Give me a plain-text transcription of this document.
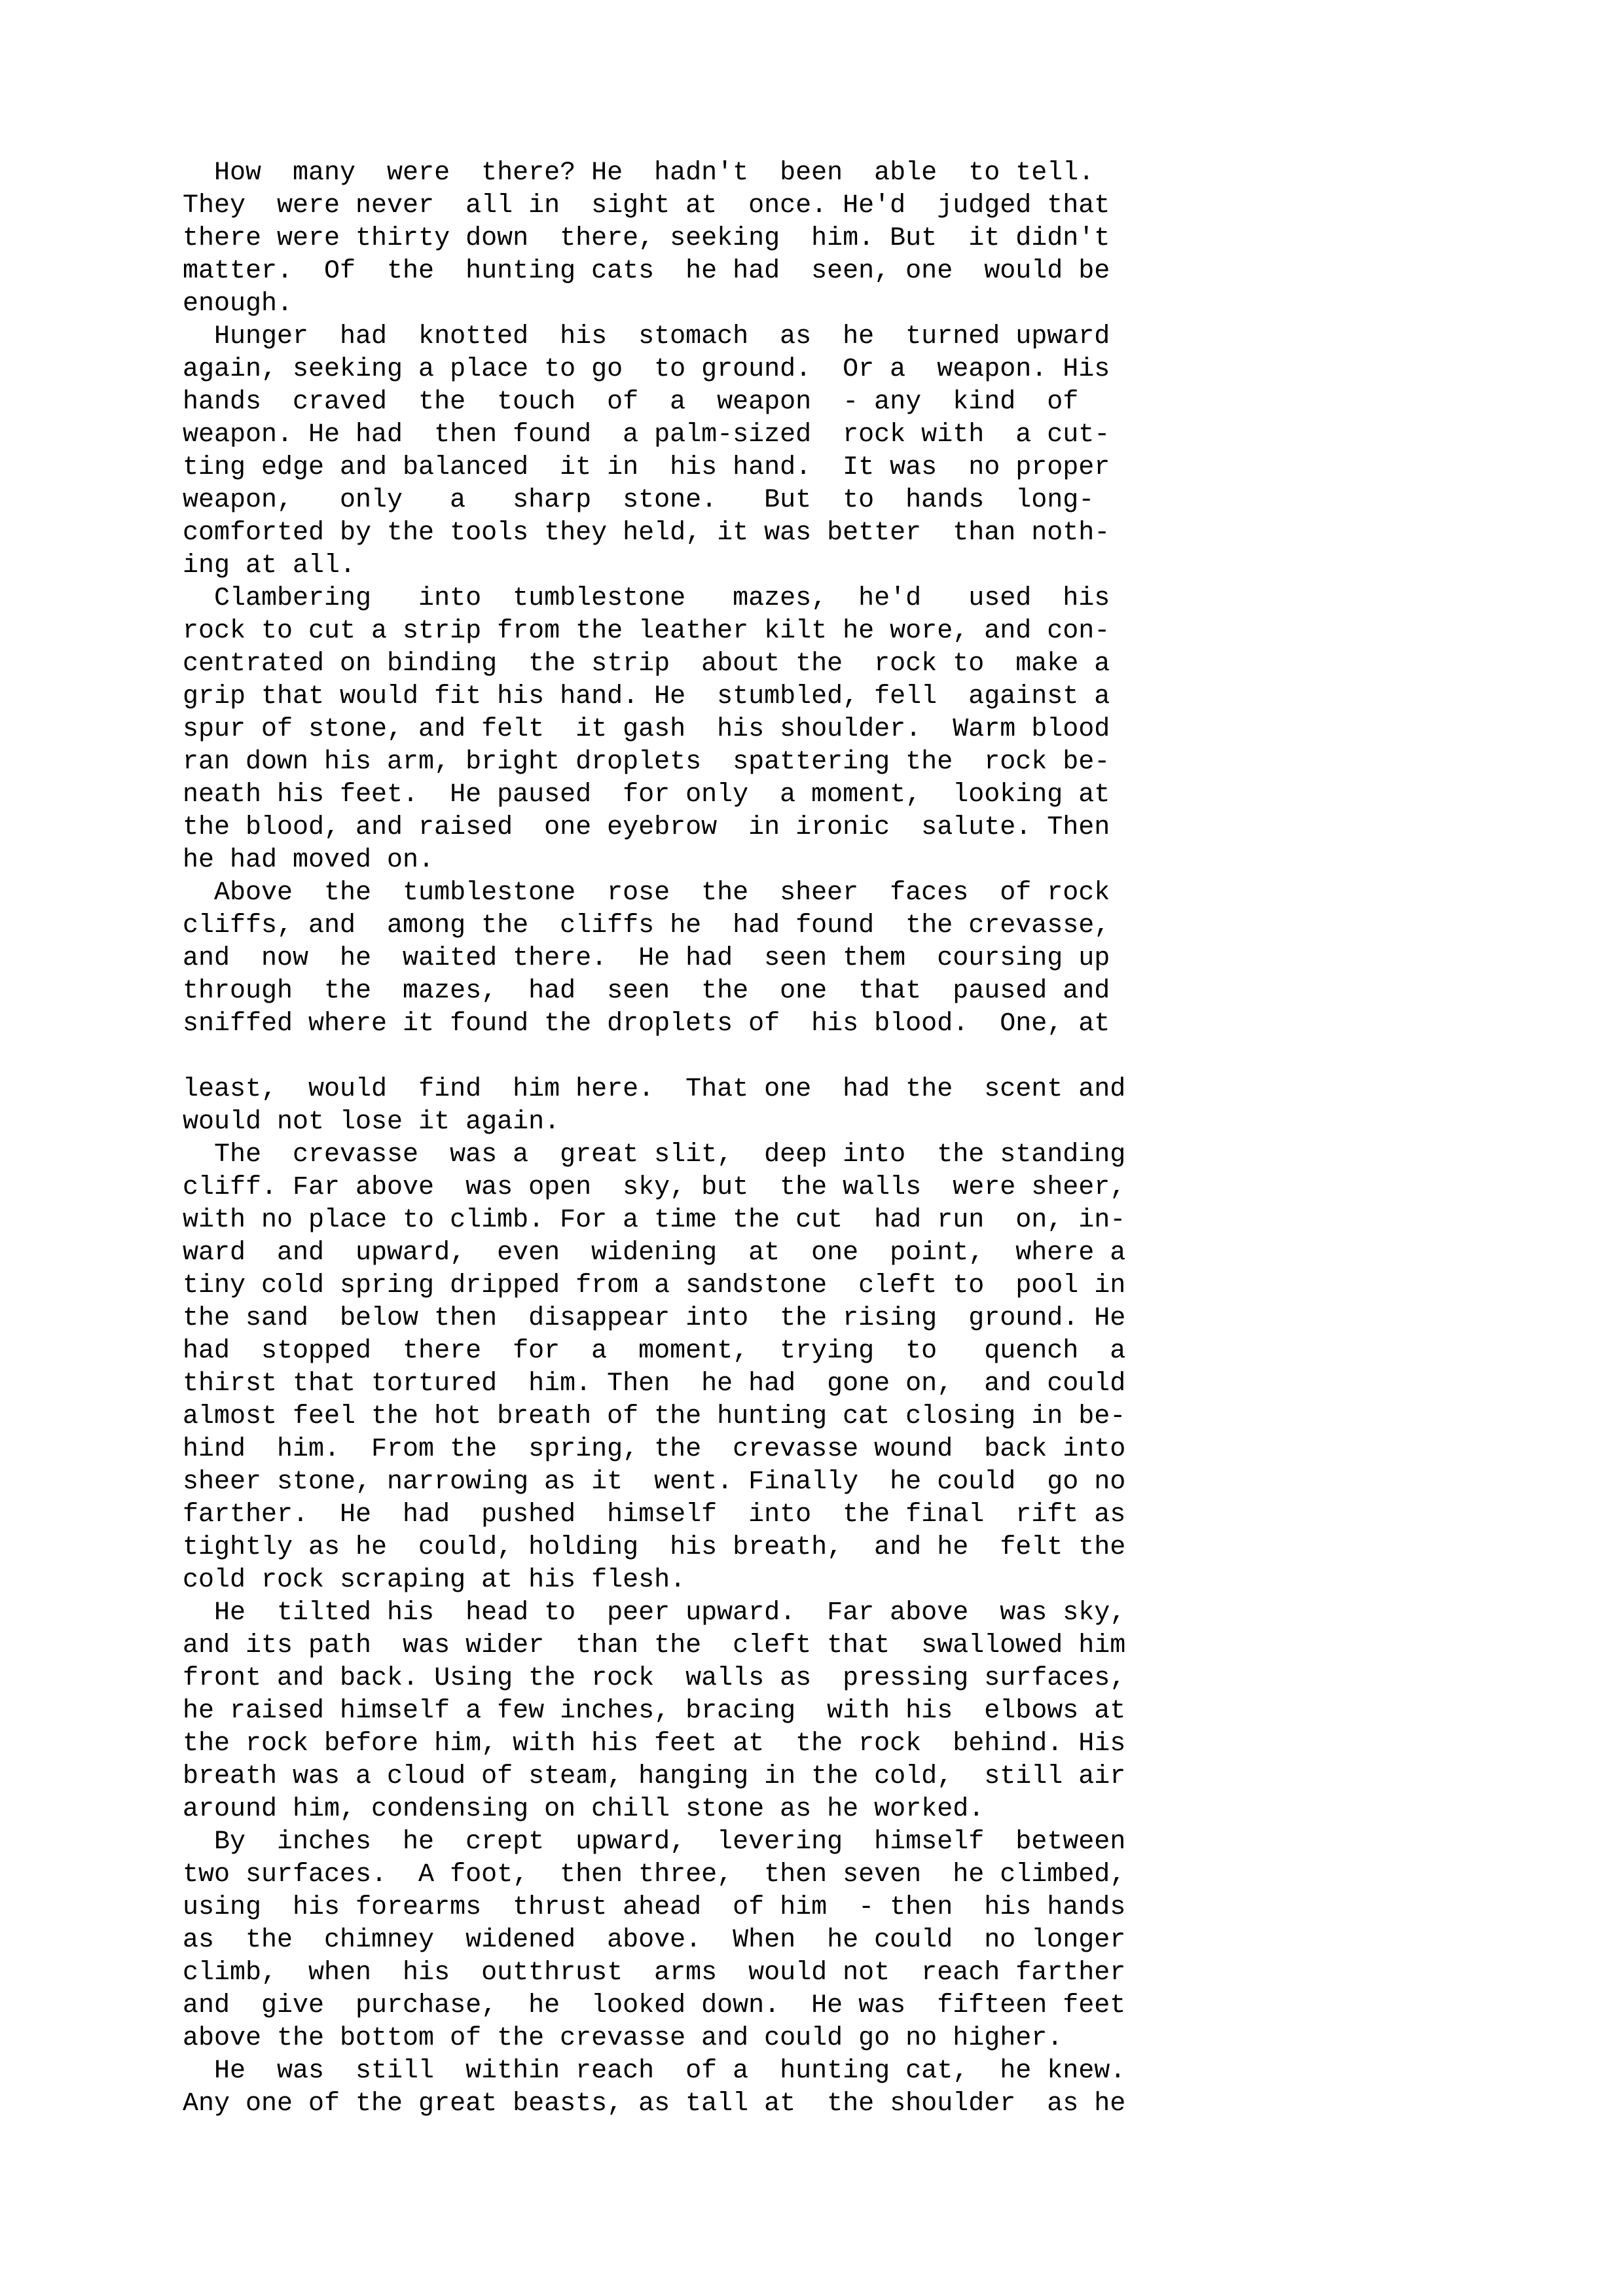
How  many  were  there? He  hadn't  been  able  to tell.
They  were never  all in  sight at  once. He'd  judged that
there were thirty down  there, seeking  him. But  it didn't
matter.  Of  the  hunting cats  he had  seen, one  would be
enough.
Hunger  had  knotted  his  stomach  as  he  turned upward
again, seeking a place to go  to ground.  Or a  weapon. His
hands  craved  the  touch  of  a  weapon  - any  kind  of
weapon. He had  then found  a palm-sized  rock with  a cut-
ting edge and balanced  it in  his hand.  It was  no proper
weapon,   only   a   sharp  stone.   But  to  hands  long-
comforted by the tools they held, it was better  than noth-
ing at all.
Clambering   into  tumblestone   mazes,  he'd   used  his
rock to cut a strip from the leather kilt he wore, and con-
centrated on binding  the strip  about the  rock to  make a
grip that would fit his hand. He  stumbled, fell  against a
spur of stone, and felt  it gash  his shoulder.  Warm blood
ran down his arm, bright droplets  spattering the  rock be-
neath his feet.  He paused  for only  a moment,  looking at
the blood, and raised  one eyebrow  in ironic  salute. Then
he had moved on.
Above  the  tumblestone  rose  the  sheer  faces  of rock
cliffs, and  among the  cliffs he  had found  the crevasse,
and  now  he  waited there.  He had  seen them  coursing up
through  the  mazes,  had  seen  the  one  that  paused and
sniffed where it found the droplets of  his blood.  One, at
least,  would  find  him here.  That one  had the  scent and
would not lose it again.
The  crevasse  was a  great slit,  deep into  the standing
cliff. Far above  was open  sky, but  the walls  were sheer,
with no place to climb. For a time the cut  had run  on, in-
ward  and  upward,  even  widening  at  one  point,  where a
tiny cold spring dripped from a sandstone  cleft to  pool in
the sand  below then  disappear into  the rising  ground. He
had  stopped  there  for  a  moment,  trying  to   quench  a
thirst that tortured  him. Then  he had  gone on,  and could
almost feel the hot breath of the hunting cat closing in be-
hind  him.  From the  spring, the  crevasse wound  back into
sheer stone, narrowing as it  went. Finally  he could  go no
farther.  He  had  pushed  himself  into  the final  rift as
tightly as he  could, holding  his breath,  and he  felt the
cold rock scraping at his flesh.
He  tilted his  head to  peer upward.  Far above  was sky,
and its path  was wider  than the  cleft that  swallowed him
front and back. Using the rock  walls as  pressing surfaces,
he raised himself a few inches, bracing  with his  elbows at
the rock before him, with his feet at  the rock  behind. His
breath was a cloud of steam, hanging in the cold,  still air
around him, condensing on chill stone as he worked.
By  inches  he  crept  upward,  levering  himself  between
two surfaces.  A foot,  then three,  then seven  he climbed,
using  his forearms  thrust ahead  of him  - then  his hands
as  the  chimney  widened  above.  When  he could  no longer
climb,  when  his  outthrust  arms  would not  reach farther
and  give  purchase,  he  looked down.  He was  fifteen feet
above the bottom of the crevasse and could go no higher.
He  was  still  within reach  of a  hunting cat,  he knew.
Any one of the great beasts, as tall at  the shoulder  as he
